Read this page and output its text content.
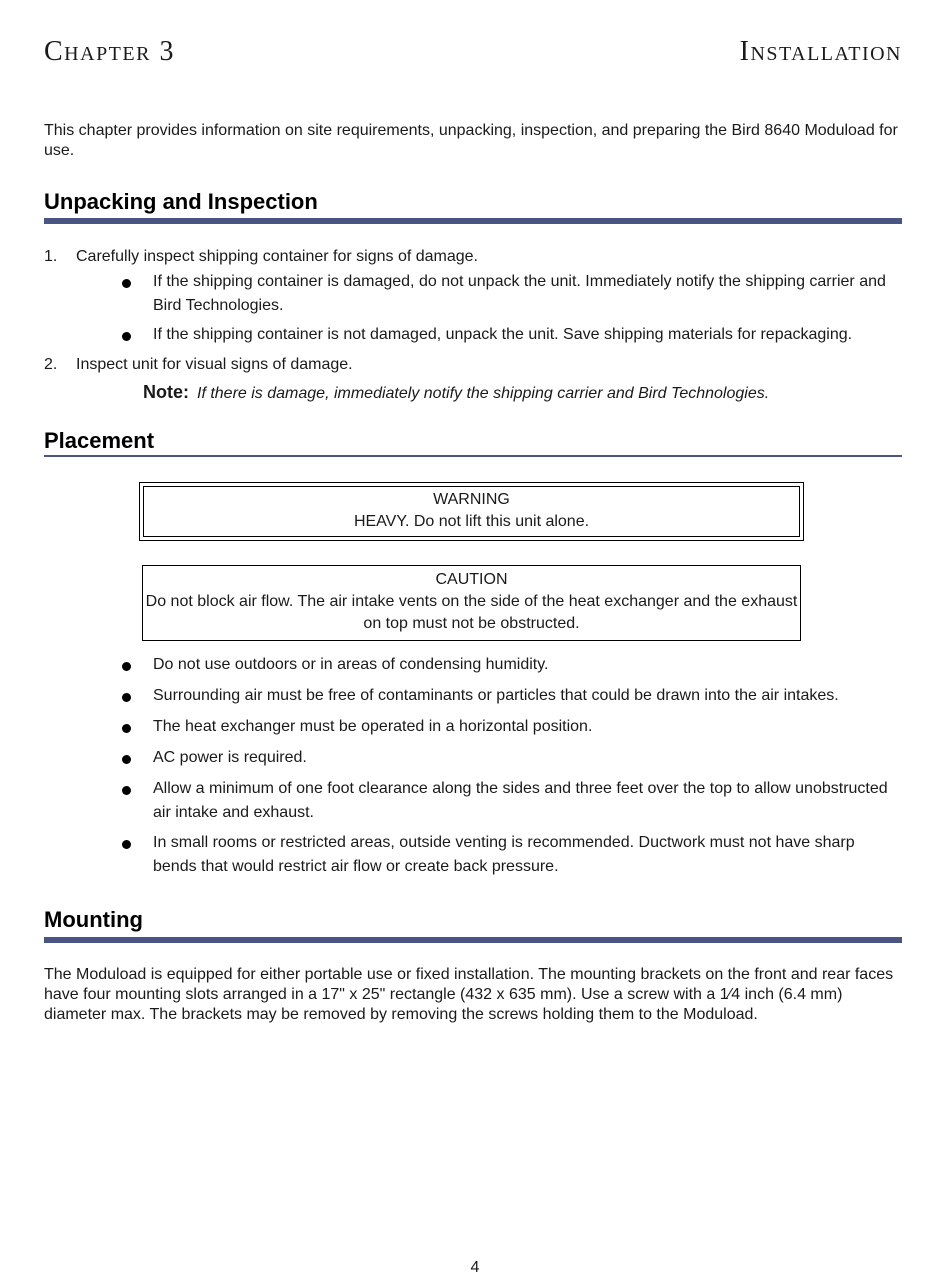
Chapter 3	Installation
This chapter provides information on site requirements, unpacking, inspection, and preparing the Bird 8640 Moduload for use.
Unpacking and Inspection
1. Carefully inspect shipping container for signs of damage.
If the shipping container is damaged, do not unpack the unit. Immediately notify the shipping carrier and Bird Technologies.
If the shipping container is not damaged, unpack the unit. Save shipping materials for repackaging.
2. Inspect unit for visual signs of damage.
Note: If there is damage, immediately notify the shipping carrier and Bird Technologies.
Placement
WARNING
HEAVY. Do not lift this unit alone.
CAUTION
Do not block air flow. The air intake vents on the side of the heat exchanger and the exhaust on top must not be obstructed.
Do not use outdoors or in areas of condensing humidity.
Surrounding air must be free of contaminants or particles that could be drawn into the air intakes.
The heat exchanger must be operated in a horizontal position.
AC power is required.
Allow a minimum of one foot clearance along the sides and three feet over the top to allow unobstructed air intake and exhaust.
In small rooms or restricted areas, outside venting is recommended. Ductwork must not have sharp bends that would restrict air flow or create back pressure.
Mounting
The Moduload is equipped for either portable use or fixed installation. The mounting brackets on the front and rear faces have four mounting slots arranged in a 17" x 25" rectangle (432 x 635 mm). Use a screw with a 1⁄4 inch (6.4 mm) diameter max. The brackets may be removed by removing the screws holding them to the Moduload.
4
